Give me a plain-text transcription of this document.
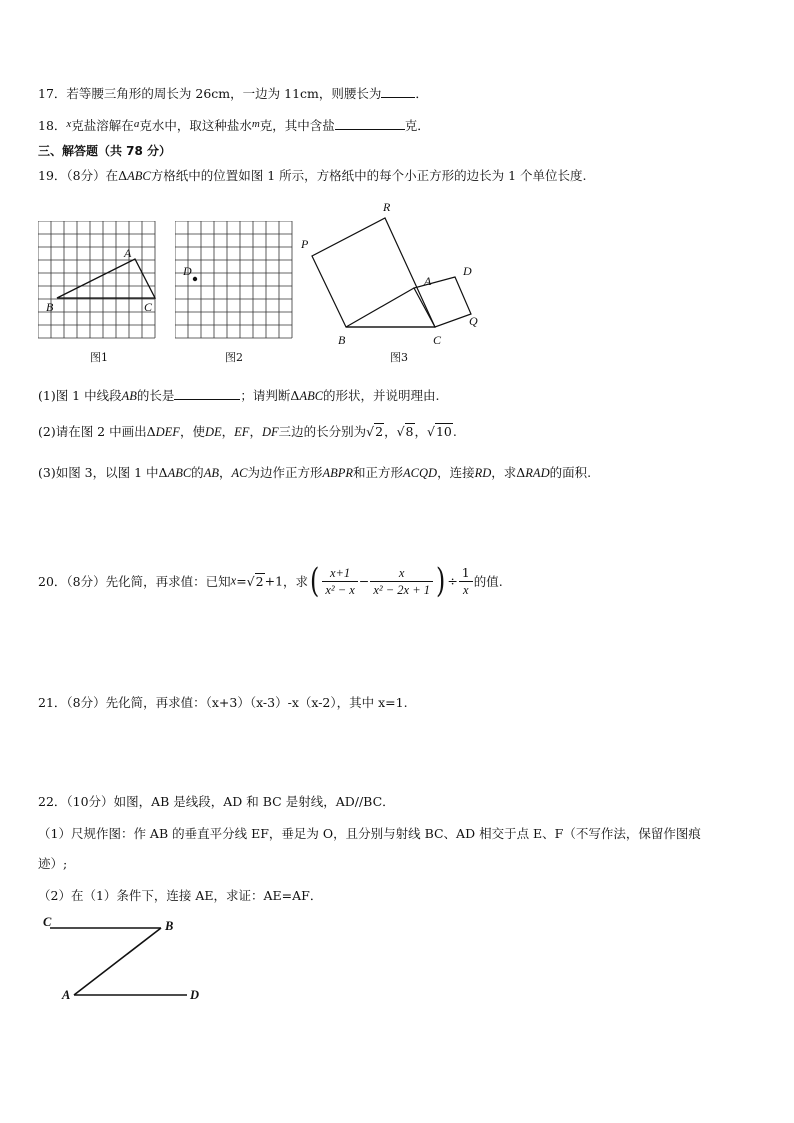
17．若等腰三角形的周长为 26cm，一边为 11cm，则腰长为	．
18．x克盐溶解在a克水中，取这种盐水m克，其中含盐	克．
三、解答题（共 78 分）
19．（8分）在ΔABC方格纸中的位置如图 1 所示，方格纸中的每个小正方形的边长为 1 个单位长度.
A
B	C
图1
D
图2
R
P
A
D
Q
B	C
图3
(1)图 1 中线段AB的长是	；请判断ΔABC的形状，并说明理由.
(2)请在图 2 中画出ΔDEF，使DE，EF，DF三边的长分别为√2，√8，√10.
(3)如图 3，以图 1 中ΔABC的AB，AC为边作正方形ABPR和正方形ACQD，连接RD，求ΔRAD的面积.
20．（8分）先化简，再求值：已知x=√2+1，求( $\frac{x+1}{\text{x² − x}} - \frac{x}{\text{x² − 2x + 1}}$ ) ÷ $\frac{1}{x}$ 的值.
21．（8分）先化简，再求值：（x+3）（x-3）-x（x-2），其中 x=1.
22．（10分）如图，AB 是线段，AD 和 BC 是射线，AD//BC．
（1）尺规作图：作 AB 的垂直平分线 EF，垂足为 O，且分别与射线 BC、AD 相交于点 E、F（不写作法，保留作图痕
迹）;
（2）在（1）条件下，连接 AE，求证：AE=AF．
C	B
A	D
